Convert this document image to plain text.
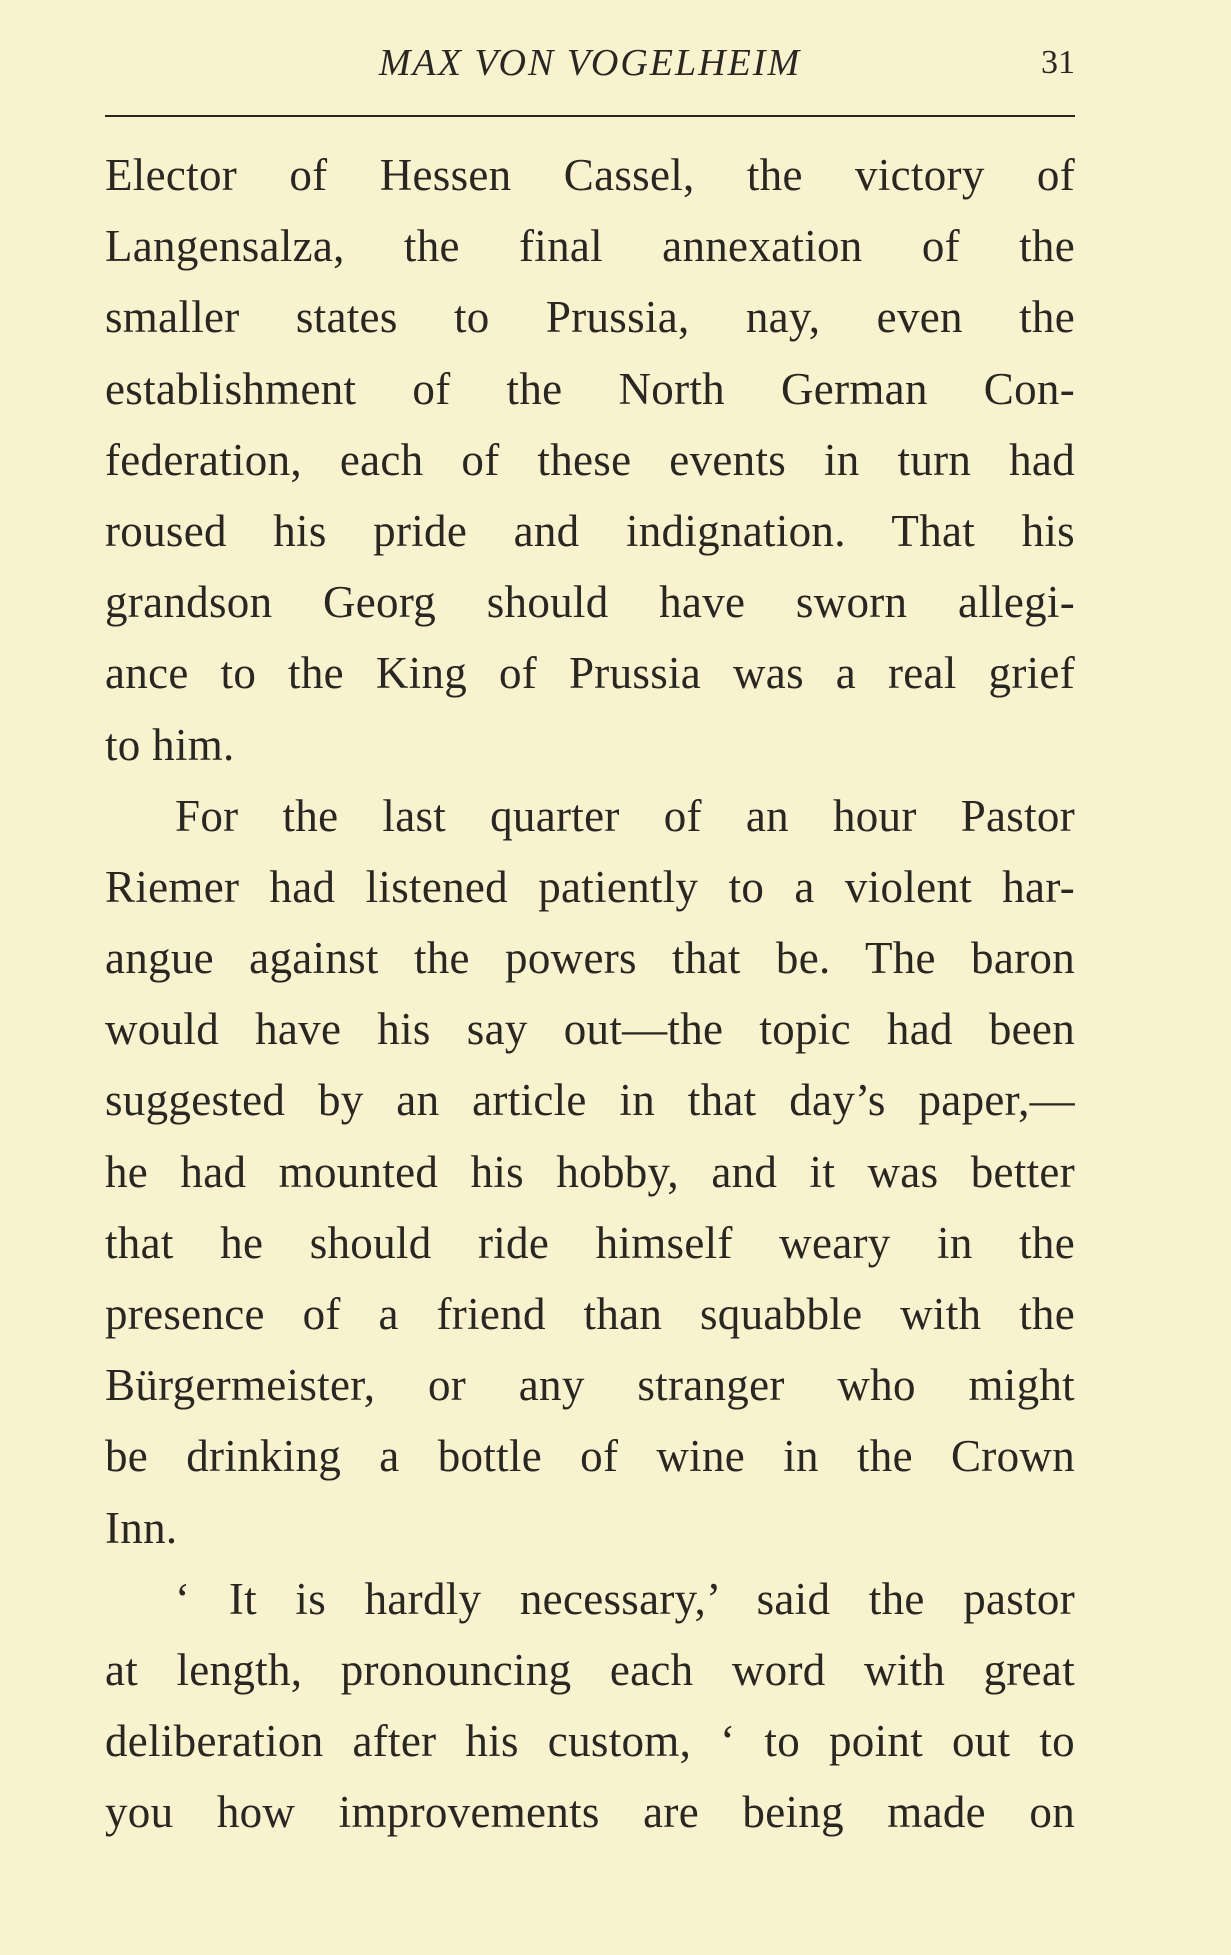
MAX VON VOGELHEIM	31
Elector of Hessen Cassel, the victory of
Langensalza, the final annexation of the
smaller states to Prussia, nay, even the
establishment of the North German Con-
federation, each of these events in turn had
roused his pride and indignation. That his
grandson Georg should have sworn allegi-
ance to the King of Prussia was a real grief
to him.
For the last quarter of an hour Pastor
Riemer had listened patiently to a violent har-
angue against the powers that be. The baron
would have his say out—the topic had been
suggested by an article in that day’s paper,—
he had mounted his hobby, and it was better
that he should ride himself weary in the
presence of a friend than squabble with the
Bürgermeister, or any stranger who might
be drinking a bottle of wine in the Crown
Inn.
‘ It is hardly necessary,’ said the pastor
at length, pronouncing each word with great
deliberation after his custom, ‘ to point out to
you how improvements are being made on
